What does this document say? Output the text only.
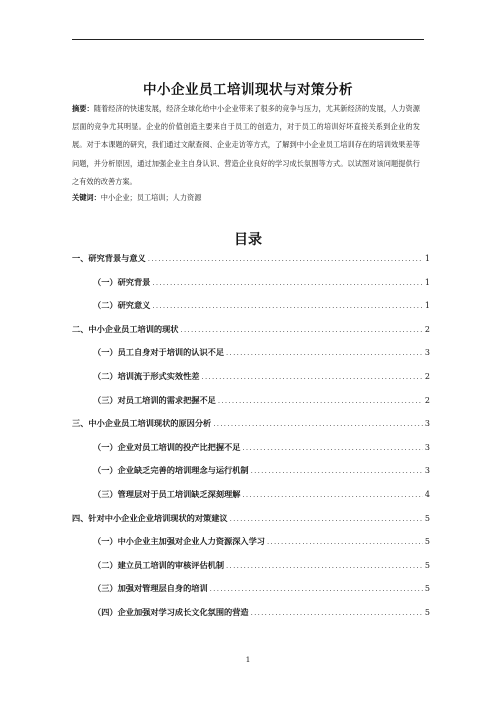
中小企业员工培训现状与对策分析

摘要：随着经济的快速发展，经济全球化给中小企业带来了很多的竞争与压力，尤其新经济的发展，人力资源层面的竞争尤其明显。企业的价值创造主要来自于员工的创造力，对于员工的培训好坏直接关系到企业的发展。对于本课题的研究，我们通过文献查阅、企业走访等方式，了解到中小企业员工培训存在的培训效果差等问题，并分析原因，通过加强企业主自身认识、营造企业良好的学习成长氛围等方式。以试图对该问题提供行之有效的改善方案。

关键词：中小企业；员工培训；人力资源

目录
一、研究背景与意义 .....	1
（一）研究背景 .....	1
（二）研究意义 .....	1
二、中小企业员工培训的现状 .....	2
（一）员工自身对于培训的认识不足 .....	3
（二）培训流于形式实效性差 .....	2
（三）对员工培训的需求把握不足 .....	2
三、中小企业员工培训现状的原因分析 .....	3
（一）企业对员工培训的投产比把握不足 .....	3
（一）企业缺乏完善的培训理念与运行机制 .....	3
（三）管理层对于员工培训缺乏深刻理解 .....	4
四、针对中小企业企业培训现状的对策建议 .....	5
（一）中小企业主加强对企业人力资源深入学习 .....	5
（二）建立员工培训的审核评估机制 .....	5
（三）加强对管理层自身的培训 .....	5
（四）企业加强对学习成长文化氛围的营造 .....	5
1
